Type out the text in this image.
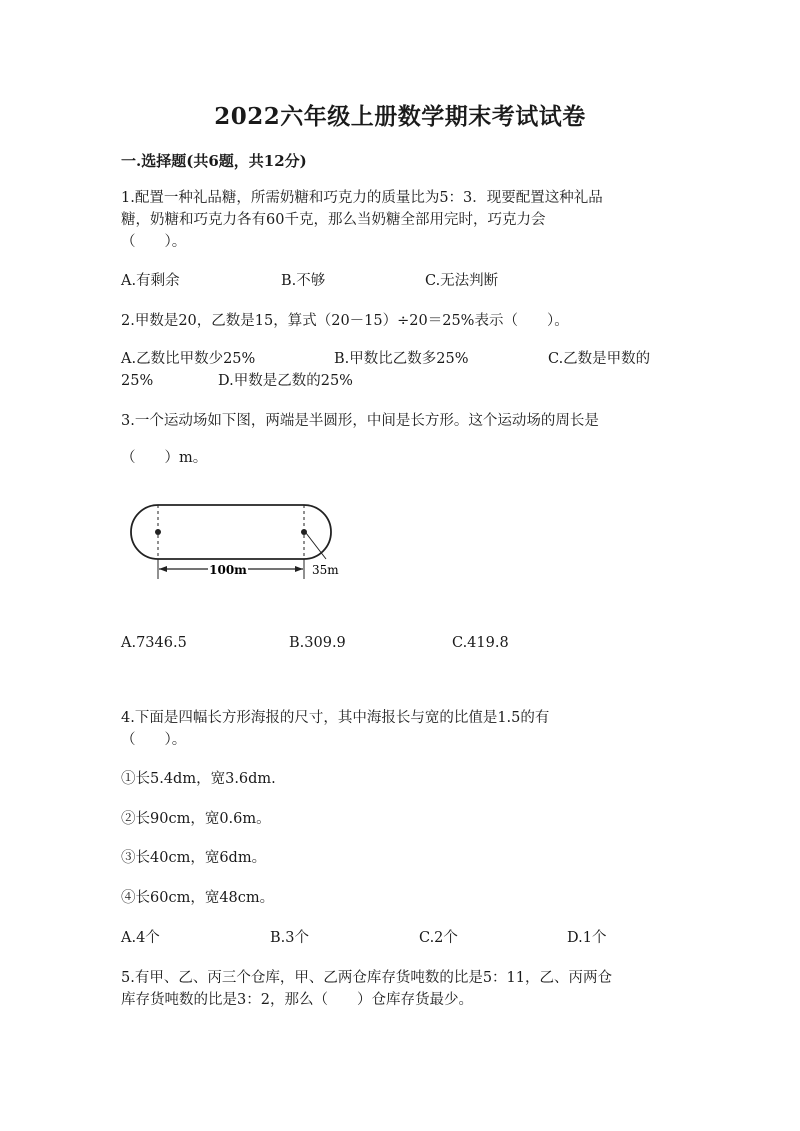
2022六年级上册数学期末考试试卷
一.选择题(共6题，共12分)
1.配置一种礼品糖，所需奶糖和巧克力的质量比为5：3．现要配置这种礼品
糖，奶糖和巧克力各有60千克，那么当奶糖全部用完时，巧克力会
（　　）。
A.有剩余	B.不够	C.无法判断
2.甲数是20，乙数是15，算式（20－15）÷20＝25%表示（　　）。
A.乙数比甲数少25%	B.甲数比乙数多25%	C.乙数是甲数的
25%	D.甲数是乙数的25%
3.一个运动场如下图，两端是半圆形，中间是长方形。这个运动场的周长是
（　　）m。
100m	35m
A.7346.5	B.309.9	C.419.8
4.下面是四幅长方形海报的尺寸，其中海报长与宽的比值是1.5的有
（　　）。
①长5.4dm，宽3.6dm.
②长90cm，宽0.6m。
③长40cm，宽6dm。
④长60cm，宽48cm。
A.4个	B.3个	C.2个	D.1个
5.有甲、乙、丙三个仓库，甲、乙两仓库存货吨数的比是5：11，乙、丙两仓
库存货吨数的比是3：2，那么（　　）仓库存货最少。
